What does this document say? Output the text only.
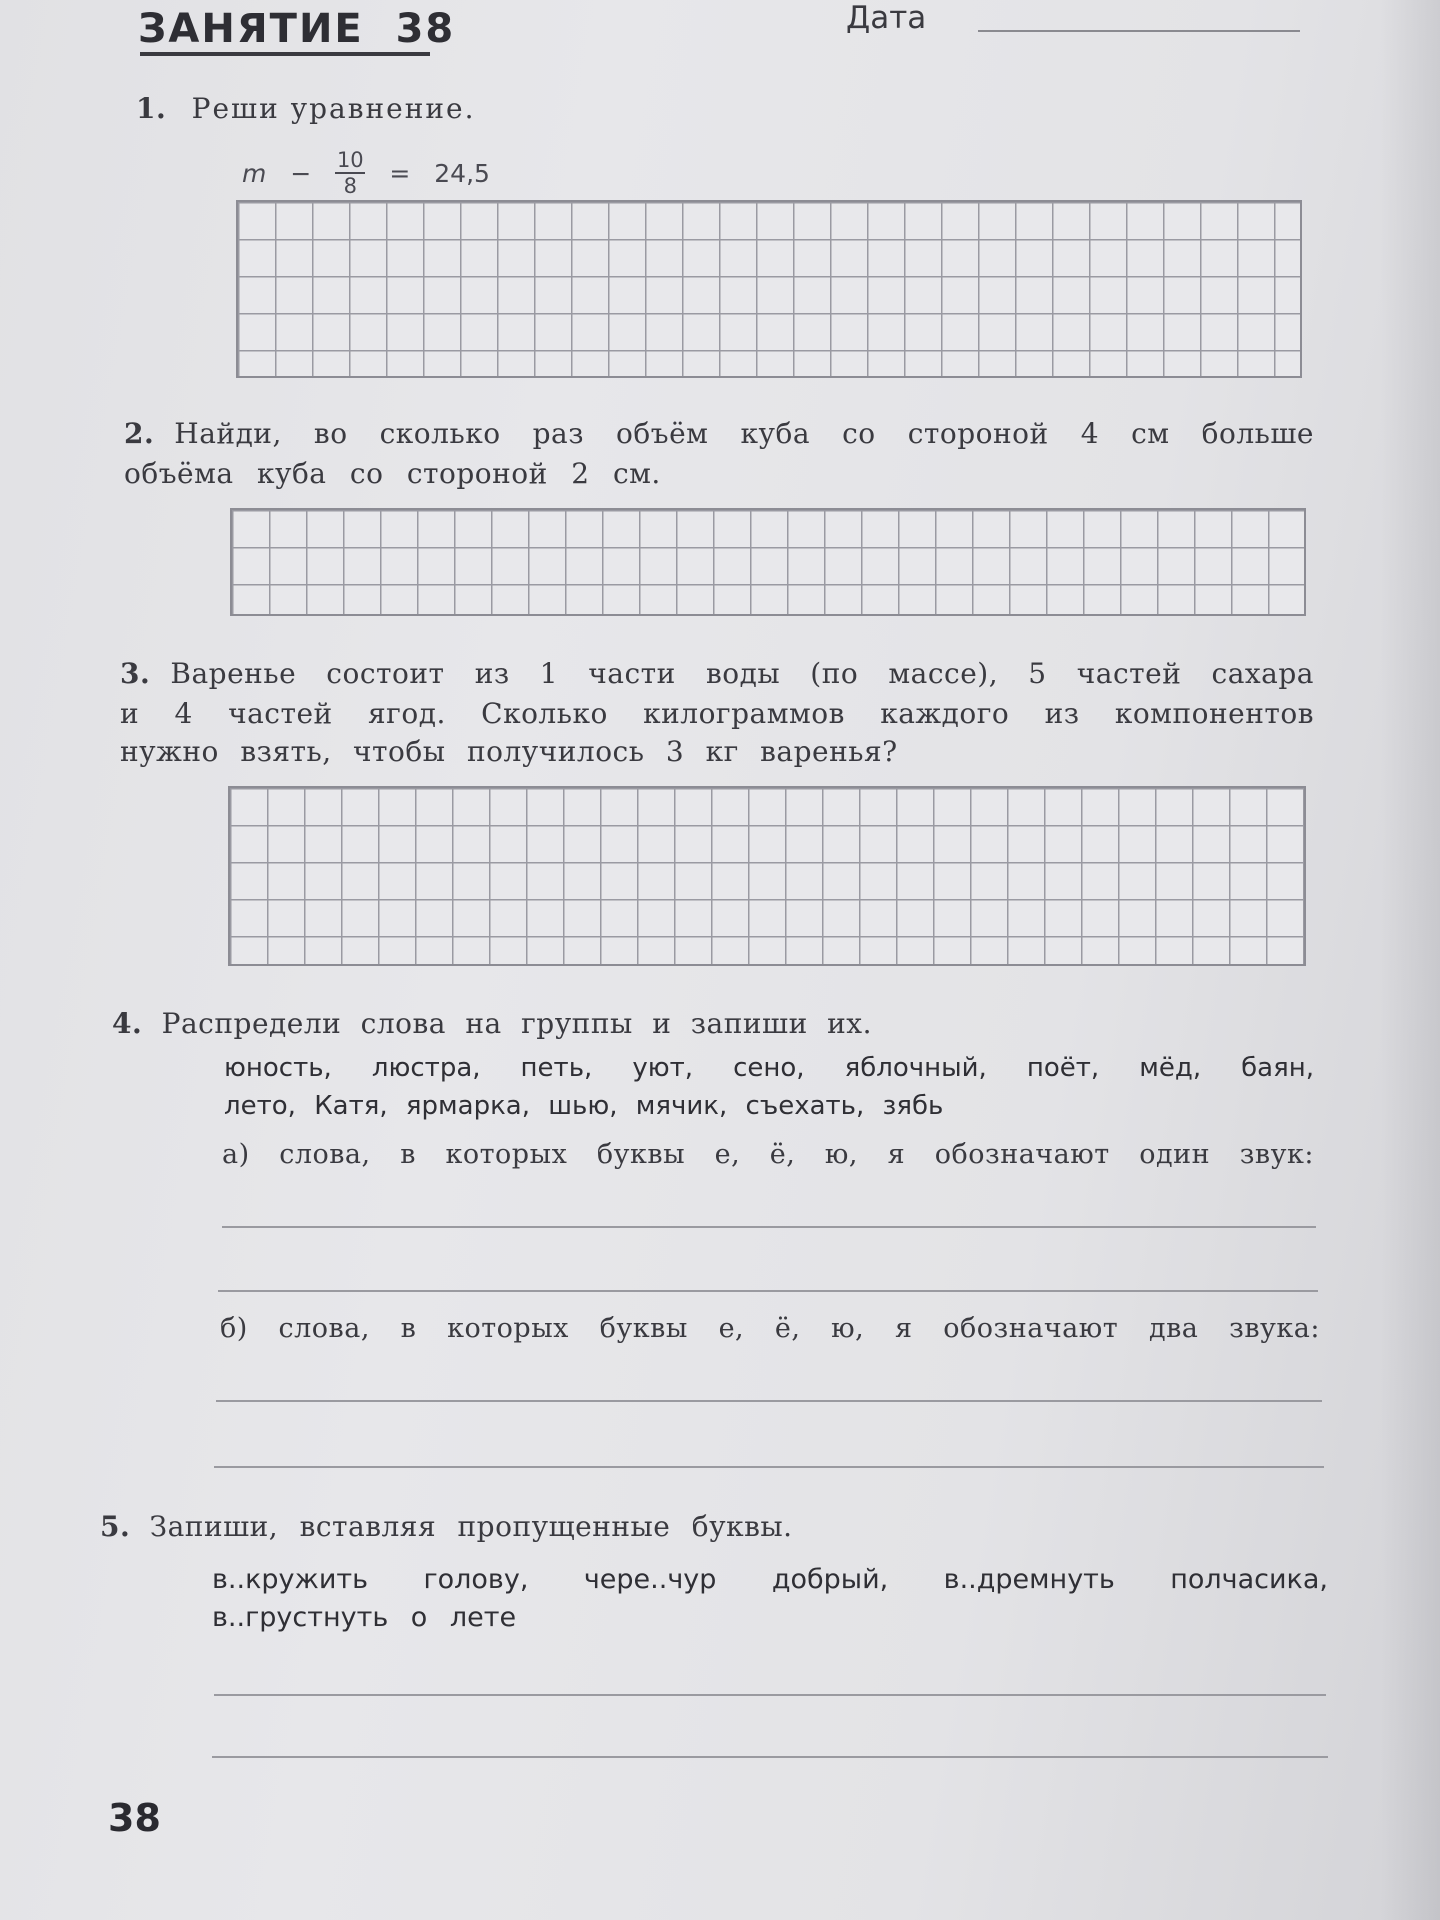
ЗАНЯТИЕ  38	Дата
1. Реши уравнение.
$m - \frac{10}{8} = 24,5$
2. Найди, во сколько раз объём куба со стороной 4 см больше
объёма куба со стороной 2 см.
3. Варенье состоит из 1 части воды (по массе), 5 частей сахара
и 4 частей ягод. Сколько килограммов каждого из компонентов
нужно взять, чтобы получилось 3 кг варенья?
4. Распредели слова на группы и запиши их.
юность, люстра, петь, уют, сено, яблочный, поёт, мёд, баян,
лето, Катя, ярмарка, шью, мячик, съехать, зябь
а) слова, в которых буквы е, ё, ю, я обозначают один звук:
б) слова, в которых буквы е, ё, ю, я обозначают два звука:
5. Запиши, вставляя пропущенные буквы.
в..кружить голову, чере..чур добрый, в..дремнуть полчасика,
в..грустнуть о лете
38
